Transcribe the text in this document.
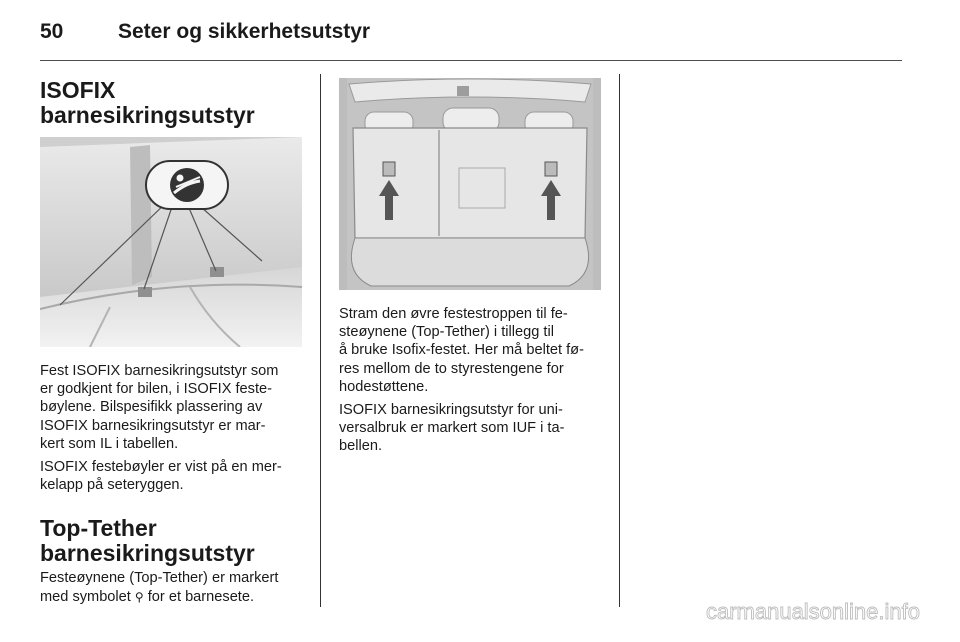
50	Seter og sikkerhetsutstyr
ISOFIX
barnesikringsutstyr

Fest ISOFIX barnesikringsutstyr som
er godkjent for bilen, i ISOFIX feste-
bøylene. Bilspesifikk plassering av
ISOFIX barnesikringsutstyr er mar-
kert som IL i tabellen.

ISOFIX festebøyler er vist på en mer-
kelapp på seteryggen.

Top-Tether
barnesikringsutstyr

Festeøynene (Top-Tether) er markert
med symbolet ⚲ for et barnesete.

Stram den øvre festestroppen til fe-
steøynene (Top-Tether) i tillegg til
å bruke Isofix-festet. Her må beltet fø-
res mellom de to styrestengene for
hodestøttene.

ISOFIX barnesikringsutstyr for uni-
versalbruk er markert som IUF i ta-
bellen.

carmanualsonline.info
